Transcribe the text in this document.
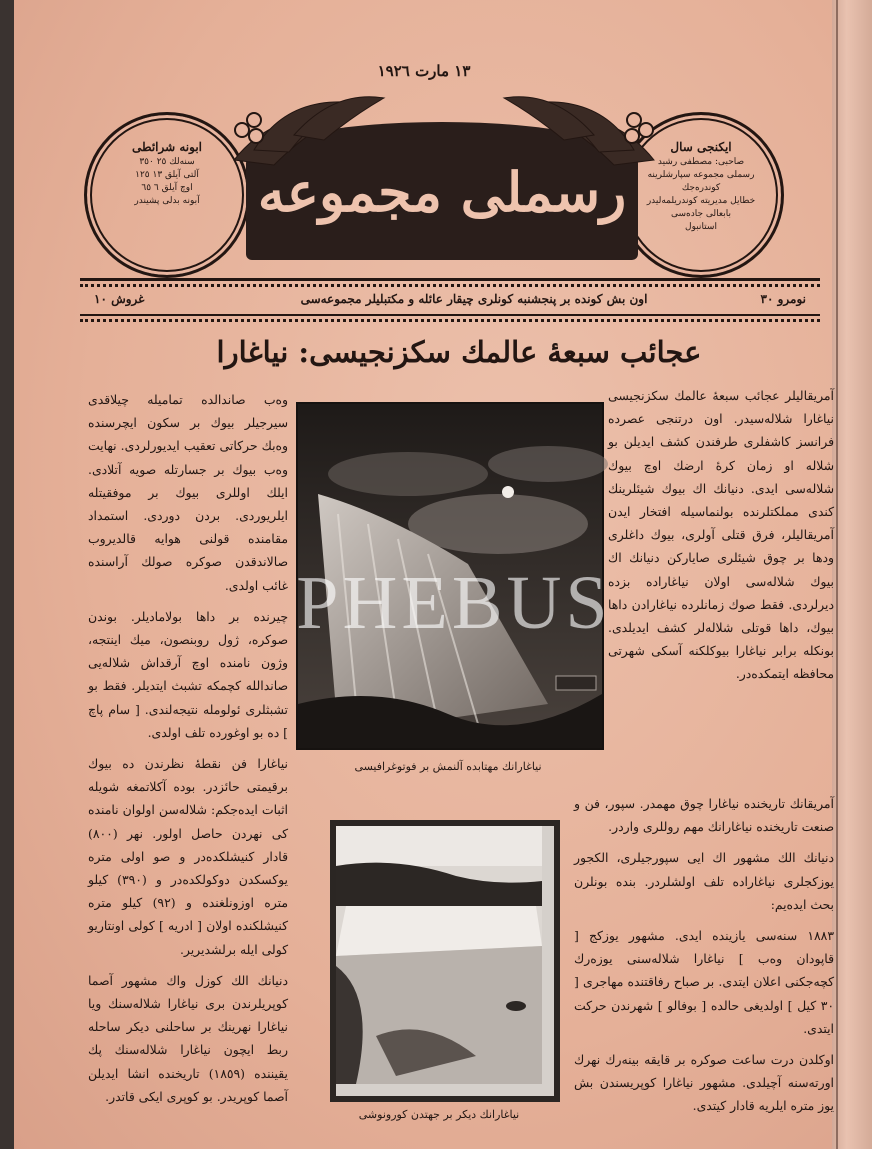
١٣ مارت ١٩٢٦
ابونه شرائطی
سنه‌لك ٢٥ ٣٥٠
آلتی آیلق ١٣ ١٢٥
اوچ آیلق ٦ ٦٥
آبونه بدلی پشیندر
ایکنجی سال
صاحبی: مصطفی رشید
رسملی مجموعه سپارشلرینه کوندره‌جك
خطایل مدیریته کوندریلمه‌لیدر
بابعالی جاده‌سی
استانبول
رسملی مجموعه
نومرو ٣٠
اون بش کونده بر پنجشنبه کونلری چیقار عائله و مکتبلیلر مجموعه‌سی
غروش ١٠
عجائب سبعهٔ عالمك سکزنجیسی: نیاغارا

آمریقالیلر عجائب سبعهٔ عالمك سکزنجیسی نیاغارا شلاله‌سیدر. اون درتنجی عصرده فرانسز کاشفلری طرفندن کشف ایدیلن بو شلاله او زمان کرهٔ ارضك اوچ بیوك شلاله‌سی ایدی. دنیانك اك بیوك شیئلرینك کندی مملکتلرنده بولنماسیله افتخار ایدن آمریقالیلر، فرق قتلی آولری، بیوك داغلری ودها بر چوق شیئلری صایارکن دنیانك اك بیوك شلاله‌سی اولان نیاغاراده بزده دیرلردی. فقط صوك زمانلرده نیاغارادن داها بیوك، داها قوتلی شلاله‌لر کشف ایدیلدی. بونکله برابر نیاغارا بیوکلکنه آسکی شهرتی محافظه ایتمکده‌در.

وه‌ب صاندالده تماميله چيلاقدی سیرجیلر بیوك بر سکون ایچرسنده وه‌بك حرکاتی تعقیب ایدیورلردی. نهایت وه‌ب بیوك بر جسارتله صویه آتلادی. ایلك اوللری بیوك بر موفقیتله ایلریوردی. بردن دوردی. استمداد مقامنده قولنی هوایه قالدیروب صالاندقدن صوکره صولك آراسنده غائب اولدی.

چیرنده بر داها بولامادیلر. بوندن صوکره، ژول روبنصون، میك اینتجه، وژون نامنده اوچ آرقداش شلاله‌یی صاندالله کچمکه تشبث ایتدیلر. فقط بو تشبثلری ئولومله نتیجه‌لندی. [ سام پاچ ] ده بو اوغورده تلف اولدی.

نیاغارا فن نقطهٔ نظرندن ده بیوك برقیمتی حائزدر. بوده آکلاتمغه شویله اثبات ایده‌جکم: شلاله‌سن اولوان نامنده کی نهردن حاصل اولور. نهر (٨٠٠) قادار کنیشلکده‌در و صو اولی متره یوکسکدن دوکولکده‌در و (٣٩٠) کیلو متره اوزونلغنده و (٩٢) کیلو متره کنیشلکنده اولان [ ادریه ] کولی اونتاریو کولی ایله برلشدیریر.

دنیانك الك کوزل واك مشهور آصما کوپریلرندن بری نیاغارا شلاله‌سنك ویا نیاغارا نهرینك بر ساحلنی دیکر ساحله ربط ایچون نیاغارا شلاله‌سنك پك یقیننده (١٨٥٩) تاریخنده انشا ایدیلن آصما کوپریدر. بو کوپری ایکی قاتدر.

نیاغارانك مهتابده آلنمش بر فوتوغرافیسی
نیاغارانك دیکر بر جهتدن کورونوشی

آمریقانك تاریخنده نیاغارا چوق مهمدر. سپور، فن و صنعت تاریخنده نیاغارانك مهم روللری واردر.

دنیانك الك مشهور اك ایی سپورجیلری، الکجور یوزکجلری نیاغاراده تلف اولشلردر. بنده بونلرن بحث ایده‌یم:

١٨٨٣ سنه‌سی یازینده ایدی. مشهور یوزکج [ قاپودان وه‌ب ] نیاغارا شلاله‌سنی یوزه‌رك کچه‌جکنی اعلان ایتدی. بر صباح رفاقتنده مهاجری [ ٣٠ کیل ] اولدیغی حالده [ بوفالو ] شهرندن حرکت ایتدی.

اوکلدن درت ساعت صوکره بر قایقه بینه‌رك نهرك اورته‌سنه آچیلدی. مشهور نیاغارا کوپریسندن بش یوز متره ایلریه قادار کیتدی.

PHEBUS
